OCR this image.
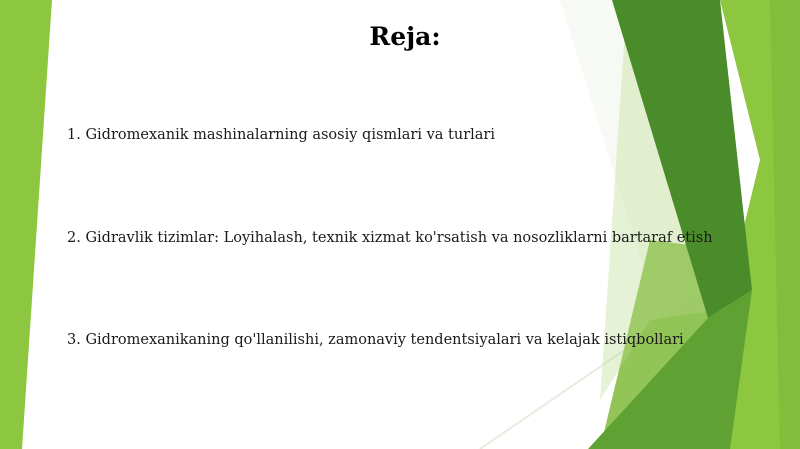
Reja:
1. Gidromexanik mashinalarning asosiy qismlari va turlari
2. Gidravlik tizimlar: Loyihalash, texnik xizmat ko'rsatish va nosozliklarni bartaraf etish
3. Gidromexanikaning qo'llanilishi, zamonaviy tendentsiyalari va kelajak istiqbollari
